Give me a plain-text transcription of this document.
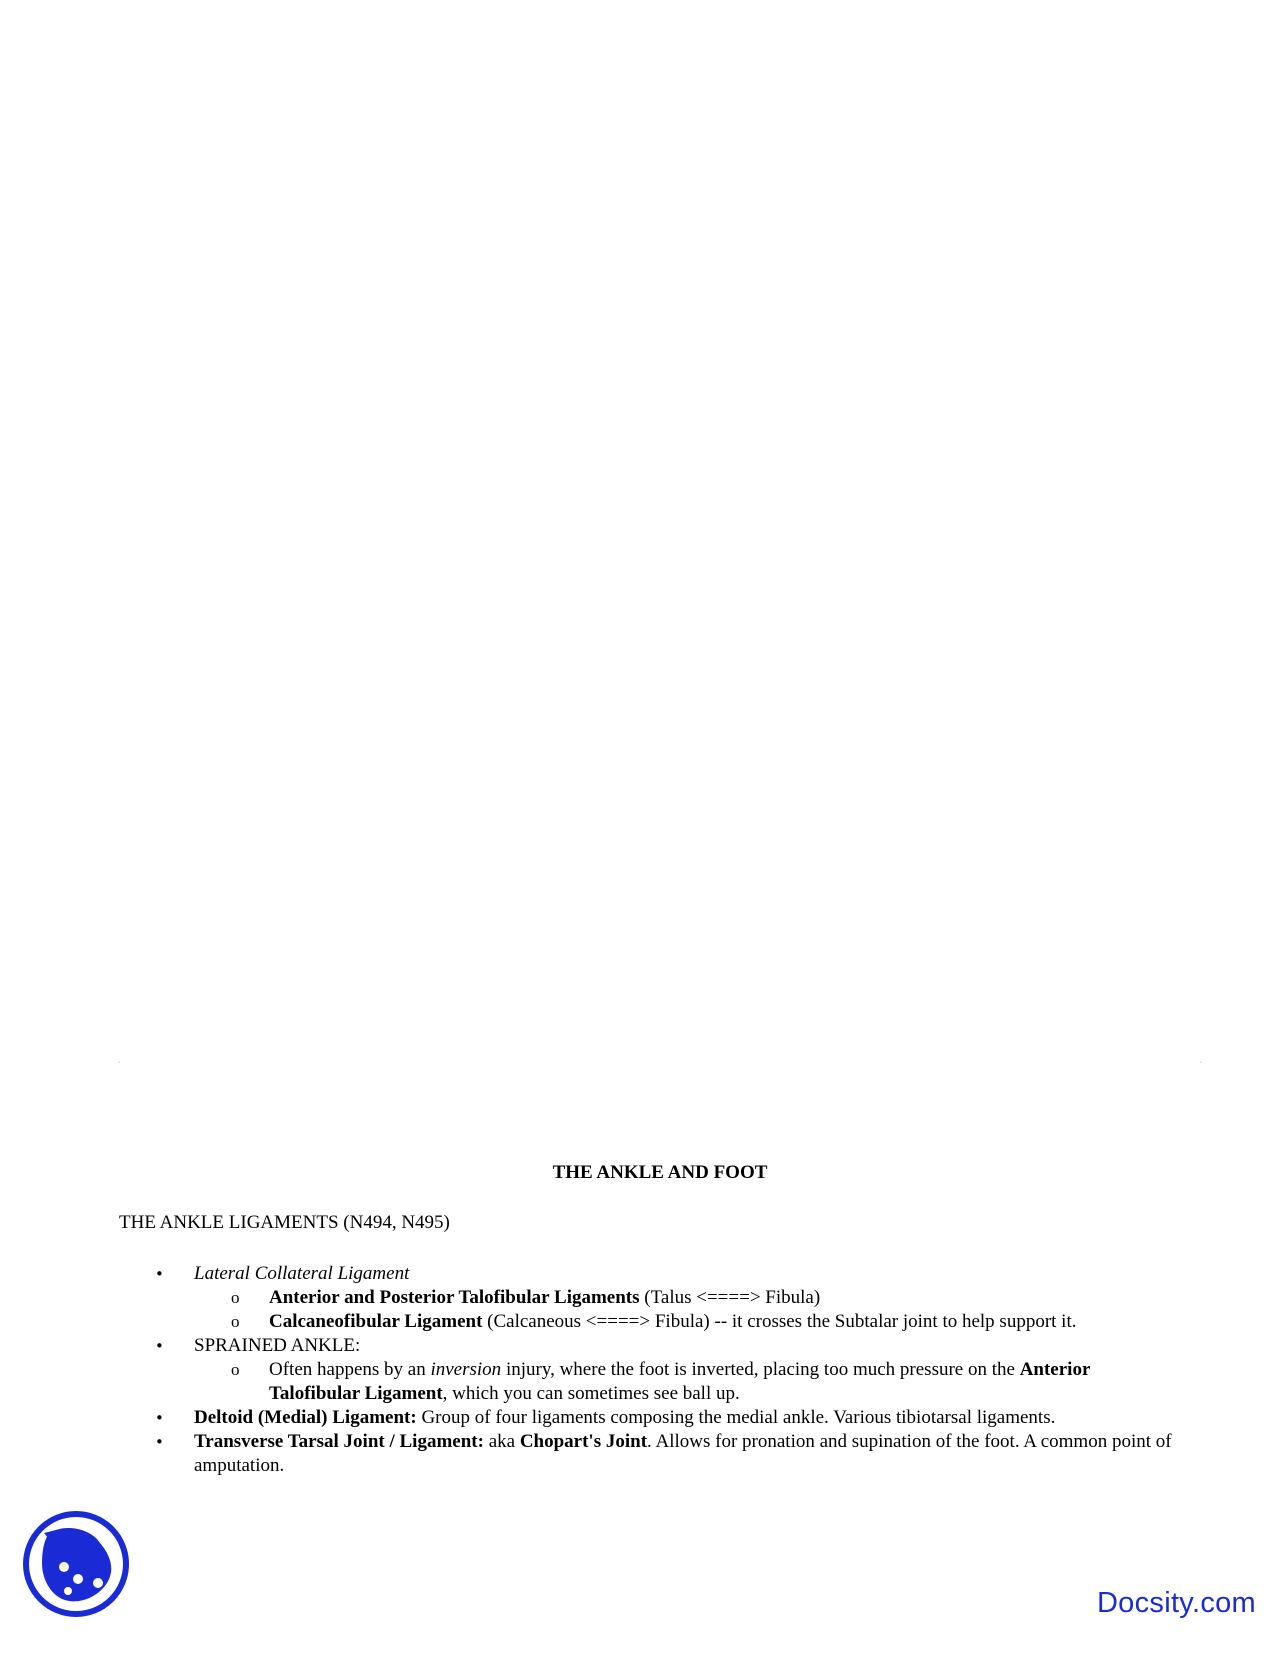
THE ANKLE AND FOOT
THE ANKLE LIGAMENTS (N494, N495)
• Lateral Collateral Ligament
o Anterior and Posterior Talofibular Ligaments (Talus <====> Fibula)
o Calcaneofibular Ligament (Calcaneous <====> Fibula) -- it crosses the Subtalar joint to help support it.
• SPRAINED ANKLE:
o Often happens by an inversion injury, where the foot is inverted, placing too much pressure on the Anterior Talofibular Ligament, which you can sometimes see ball up.
• Deltoid (Medial) Ligament: Group of four ligaments composing the medial ankle. Various tibiotarsal ligaments.
• Transverse Tarsal Joint / Ligament: aka Chopart's Joint. Allows for pronation and supination of the foot. A common point of amputation.
Docsity.com
